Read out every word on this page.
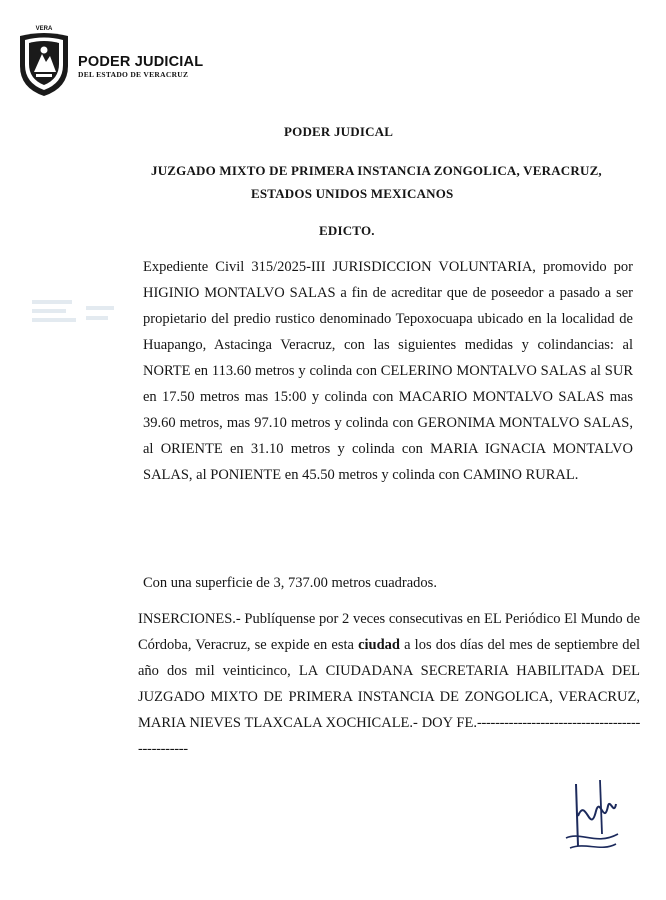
VERA
PODER JUDICIAL
DEL ESTADO DE VERACRUZ
PODER JUDICAL
JUZGADO MIXTO DE PRIMERA INSTANCIA ZONGOLICA, VERACRUZ,
ESTADOS UNIDOS MEXICANOS
EDICTO.

Expediente Civil 315/2025-III JURISDICCION VOLUNTARIA, promovido por HIGINIO MONTALVO SALAS a fin de acreditar que de poseedor a pasado a ser propietario del predio rustico denominado Tepoxocuapa ubicado en la localidad de Huapango, Astacinga Veracruz, con las siguientes medidas y colindancias: al NORTE en 113.60 metros y colinda con CELERINO MONTALVO SALAS al SUR en 17.50 metros mas 15:00 y colinda con MACARIO MONTALVO SALAS mas 39.60 metros, mas 97.10 metros y colinda con GERONIMA MONTALVO SALAS, al ORIENTE en 31.10 metros y colinda con MARIA IGNACIA MONTALVO SALAS, al PONIENTE en 45.50 metros y colinda con CAMINO RURAL.

Con una superficie de 3, 737.00 metros cuadrados.

INSERCIONES.- Publíquense por 2 veces consecutivas en EL Periódico El Mundo de Córdoba, Veracruz, se expide en esta ciudad a los dos días del mes de septiembre del año dos mil veinticinco, LA CIUDADANA SECRETARIA HABILITADA DEL JUZGADO MIXTO DE PRIMERA INSTANCIA DE ZONGOLICA, VERACRUZ, MARIA NIEVES TLAXCALA XOCHICALE.- DOY FE.-----------------------------------------------
